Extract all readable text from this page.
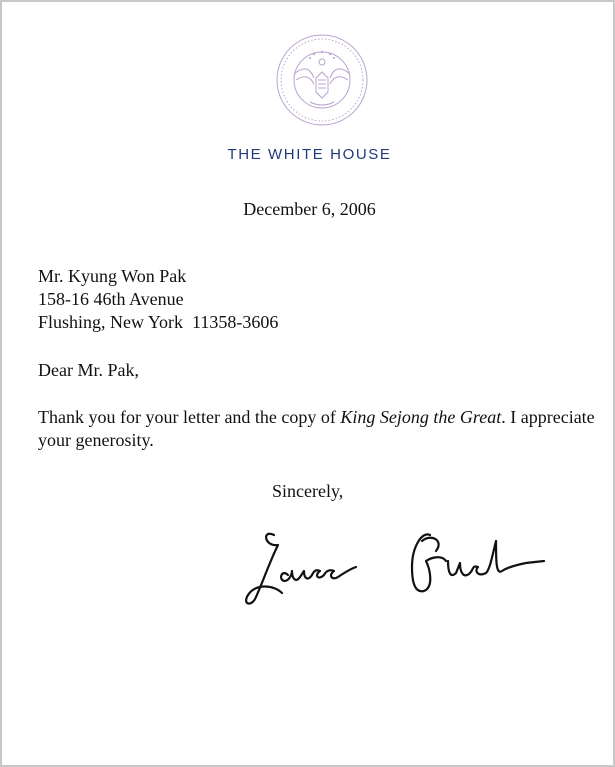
THE WHITE HOUSE
December 6, 2006
Mr. Kyung Won Pak
158-16 46th Avenue
Flushing, New York  11358-3606
Dear Mr. Pak,
Thank you for your letter and the copy of King Sejong the Great. I appreciate your generosity.
Sincerely,
